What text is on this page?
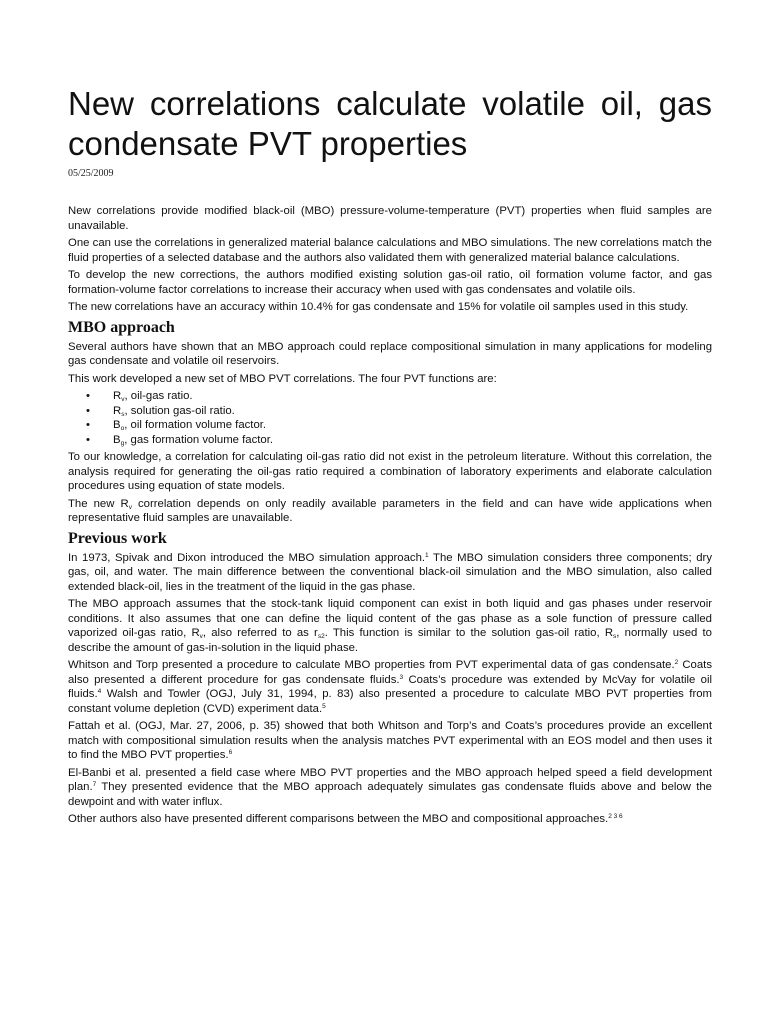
New correlations calculate volatile oil, gas condensate PVT properties
05/25/2009

New correlations provide modified black-oil (MBO) pressure-volume-temperature (PVT) properties when fluid samples are unavailable.

One can use the correlations in generalized material balance calculations and MBO simulations. The new correlations match the fluid properties of a selected database and the authors also validated them with generalized material balance calculations.

To develop the new corrections, the authors modified existing solution gas-oil ratio, oil formation volume factor, and gas formation-volume factor correlations to increase their accuracy when used with gas condensates and volatile oils.

The new correlations have an accuracy within 10.4% for gas condensate and 15% for volatile oil samples used in this study.

MBO approach

Several authors have shown that an MBO approach could replace compositional simulation in many applications for modeling gas condensate and volatile oil reservoirs.

This work developed a new set of MBO PVT correlations. The four PVT functions are:

• $R_v$, oil-gas ratio.
• $R_s$, solution gas-oil ratio.
• $B_o$, oil formation volume factor.
• $B_g$, gas formation volume factor.

To our knowledge, a correlation for calculating oil-gas ratio did not exist in the petroleum literature. Without this correlation, the analysis required for generating the oil-gas ratio required a combination of laboratory experiments and elaborate calculation procedures using equation of state models.

The new $R_v$ correlation depends on only readily available parameters in the field and can have wide applications when representative fluid samples are unavailable.

Previous work

In 1973, Spivak and Dixon introduced the MBO simulation approach.$^1$ The MBO simulation considers three components; dry gas, oil, and water. The main difference between the conventional black-oil simulation and the MBO simulation, also called extended black-oil, lies in the treatment of the liquid in the gas phase.

The MBO approach assumes that the stock-tank liquid component can exist in both liquid and gas phases under reservoir conditions. It also assumes that one can define the liquid content of the gas phase as a sole function of pressure called vaporized oil-gas ratio, $R_v$, also referred to as $r_{s2}$. This function is similar to the solution gas-oil ratio, $R_s$, normally used to describe the amount of gas-in-solution in the liquid phase.

Whitson and Torp presented a procedure to calculate MBO properties from PVT experimental data of gas condensate.$^2$ Coats also presented a different procedure for gas condensate fluids.$^3$ Coats’s procedure was extended by McVay for volatile oil fluids.$^4$ Walsh and Towler (OGJ, July 31, 1994, p. 83) also presented a procedure to calculate MBO PVT properties from constant volume depletion (CVD) experiment data.$^5$

Fattah et al. (OGJ, Mar. 27, 2006, p. 35) showed that both Whitson and Torp’s and Coats’s procedures provide an excellent match with compositional simulation results when the analysis matches PVT experimental with an EOS model and then uses it to find the MBO PVT properties.$^6$

El-Banbi et al. presented a field case where MBO PVT properties and the MBO approach helped speed a field development plan.$^7$ They presented evidence that the MBO approach adequately simulates gas condensate fluids above and below the dewpoint and with water influx.

Other authors also have presented different comparisons between the MBO and compositional approaches.$^{2 3 6}$
